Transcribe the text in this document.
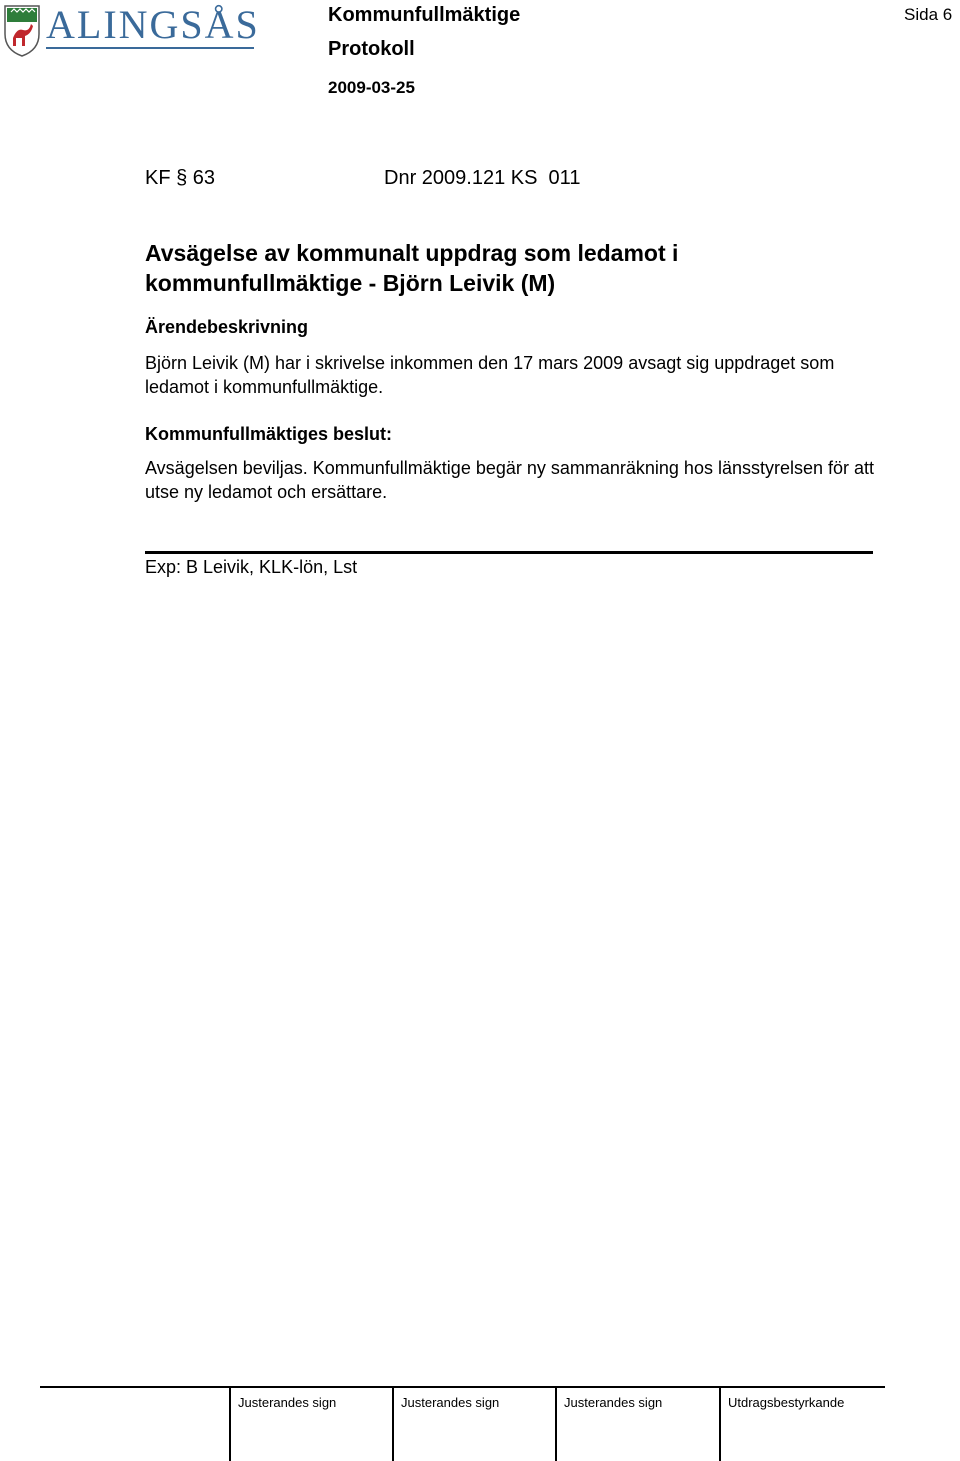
ALINGSÅS	Kommunfullmäktige
Protokoll
2009-03-25
Sida 6
KF § 63	Dnr 2009.121 KS  011
Avsägelse av kommunalt uppdrag som ledamot i kommunfullmäktige - Björn Leivik (M)
Ärendebeskrivning
Björn Leivik (M) har i skrivelse inkommen den 17 mars 2009 avsagt sig uppdraget som ledamot i kommunfullmäktige.
Kommunfullmäktiges beslut:
Avsägelsen beviljas. Kommunfullmäktige begär ny sammanräkning hos länsstyrelsen för att utse ny ledamot och ersättare.
Exp: B Leivik, KLK-lön, Lst
Justerandes sign	Justerandes sign	Justerandes sign	Utdragsbestyrkande
